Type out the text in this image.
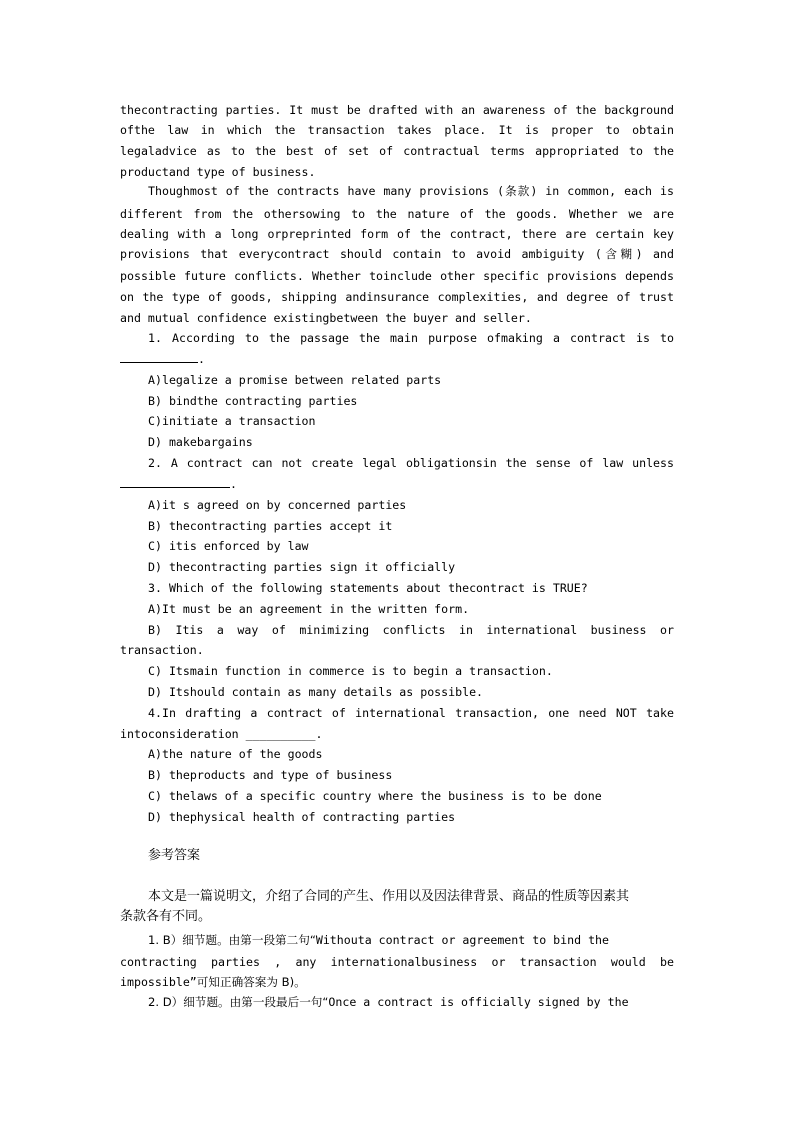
thecontracting parties. It must be drafted with an awareness of the background
ofthe law in which the transaction takes place. It is proper to obtain
legaladvice as to the best of set of contractual terms appropriated to the
productand type of business.
Thoughmost of the contracts have many provisions (条款) in common, each is
different from the othersowing to the nature of the goods. Whether we are
dealing with a long orpreprinted form of the contract, there are certain key
provisions that everycontract should contain to avoid ambiguity (含糊) and
possible future conflicts. Whether toinclude other specific provisions depends
on the type of goods, shipping andinsurance complexities, and degree of trust
and mutual confidence existingbetween the buyer and seller.
1. According to the passage the main purpose ofmaking a contract is to
.
A)legalize a promise between related parts
B) bindthe contracting parties
C)initiate a transaction
D) makebargains
2. A contract can not create legal obligationsin the sense of law unless
.
A)it s agreed on by concerned parties
B) thecontracting parties accept it
C) itis enforced by law
D) thecontracting parties sign it officially
3. Which of the following statements about thecontract is TRUE?
A)It must be an agreement in the written form.
B) Itis a way of minimizing conflicts in international business or
transaction.
C) Itsmain function in commerce is to begin a transaction.
D) Itshould contain as many details as possible.
4.In drafting a contract of international transaction, one need NOT take
intoconsideration __________.
A)the nature of the goods
B) theproducts and type of business
C) thelaws of a specific country where the business is to be done
D) thephysical health of contracting parties
参考答案
本文是一篇说明文，介绍了合同的产生、作用以及因法律背景、商品的性质等因素其
条款各有不同。
1. B）细节题。由第一段第二句“Withouta contract or agreement to bind the
contracting parties , any internationalbusiness or transaction would be
impossible”可知正确答案为 B)。
2. D）细节题。由第一段最后一句“Once a contract is officially signed by the
